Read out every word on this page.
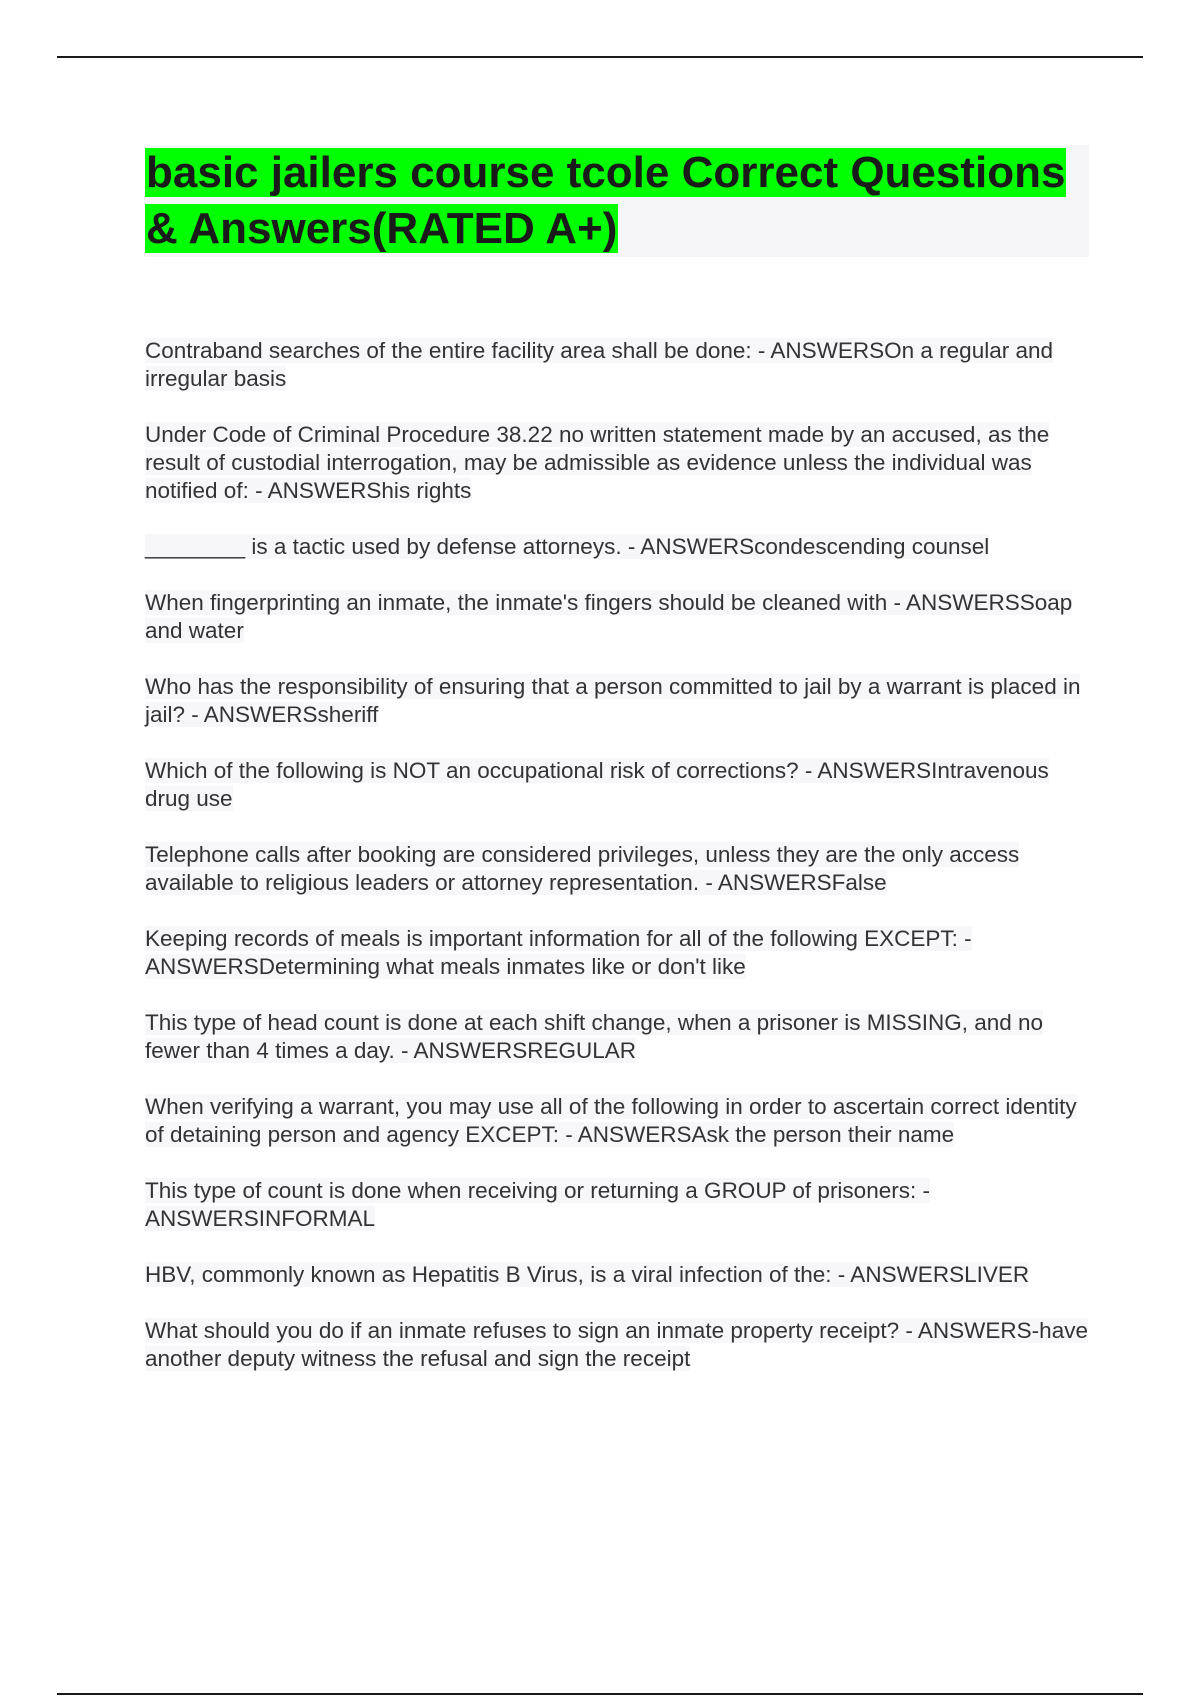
basic jailers course tcole Correct Questions & Answers(RATED A+)
Contraband searches of the entire facility area shall be done: - ANSWERSOn a regular and irregular basis
Under Code of Criminal Procedure 38.22 no written statement made by an accused, as the result of custodial interrogation, may be admissible as evidence unless the individual was notified of: - ANSWERShis rights
________ is a tactic used by defense attorneys. - ANSWERScondescending counsel
When fingerprinting an inmate, the inmate's fingers should be cleaned with - ANSWERSSoap and water
Who has the responsibility of ensuring that a person committed to jail by a warrant is placed in jail? - ANSWERSsheriff
Which of the following is NOT an occupational risk of corrections? - ANSWERSIntravenous drug use
Telephone calls after booking are considered privileges, unless they are the only access available to religious leaders or attorney representation. - ANSWERSFalse
Keeping records of meals is important information for all of the following EXCEPT: - ANSWERSDetermining what meals inmates like or don't like
This type of head count is done at each shift change, when a prisoner is MISSING, and no fewer than 4 times a day. - ANSWERSREGULAR
When verifying a warrant, you may use all of the following in order to ascertain correct identity of detaining person and agency EXCEPT: - ANSWERSAsk the person their name
This type of count is done when receiving or returning a GROUP of prisoners: - ANSWERSINFORMAL
HBV, commonly known as Hepatitis B Virus, is a viral infection of the: - ANSWERSLIVER
What should you do if an inmate refuses to sign an inmate property receipt? - ANSWERS-have another deputy witness the refusal and sign the receipt
